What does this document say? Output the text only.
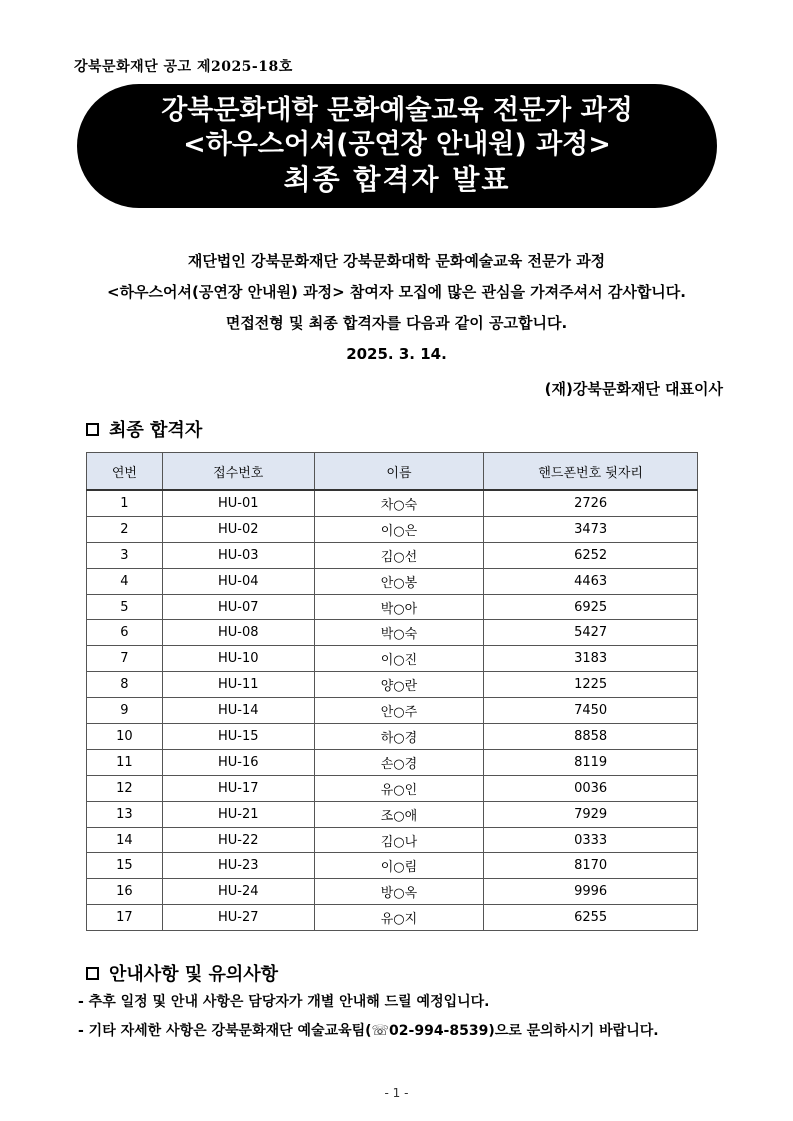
강북문화재단 공고 제2025-18호
강북문화대학 문화예술교육 전문가 과정
<하우스어셔(공연장 안내원) 과정>
최종 합격자 발표
재단법인 강북문화재단 강북문화대학 문화예술교육 전문가 과정
<하우스어셔(공연장 안내원) 과정> 참여자 모집에 많은 관심을 가져주셔서 감사합니다.
면접전형 및 최종 합격자를 다음과 같이 공고합니다.
2025. 3. 14.
(재)강북문화재단 대표이사
최종 합격자
연번	접수번호	이름	핸드폰번호 뒷자리
1	HU-01	차○숙	2726
2	HU-02	이○은	3473
3	HU-03	김○선	6252
4	HU-04	안○봉	4463
5	HU-07	박○아	6925
6	HU-08	박○숙	5427
7	HU-10	이○진	3183
8	HU-11	양○란	1225
9	HU-14	안○주	7450
10	HU-15	하○경	8858
11	HU-16	손○경	8119
12	HU-17	유○인	0036
13	HU-21	조○애	7929
14	HU-22	김○나	0333
15	HU-23	이○림	8170
16	HU-24	방○옥	9996
17	HU-27	유○지	6255
안내사항 및 유의사항
- 추후 일정 및 안내 사항은 담당자가 개별 안내해 드릴 예정입니다.
- 기타 자세한 사항은 강북문화재단 예술교육팀(☏02-994-8539)으로 문의하시기 바랍니다.
- 1 -
